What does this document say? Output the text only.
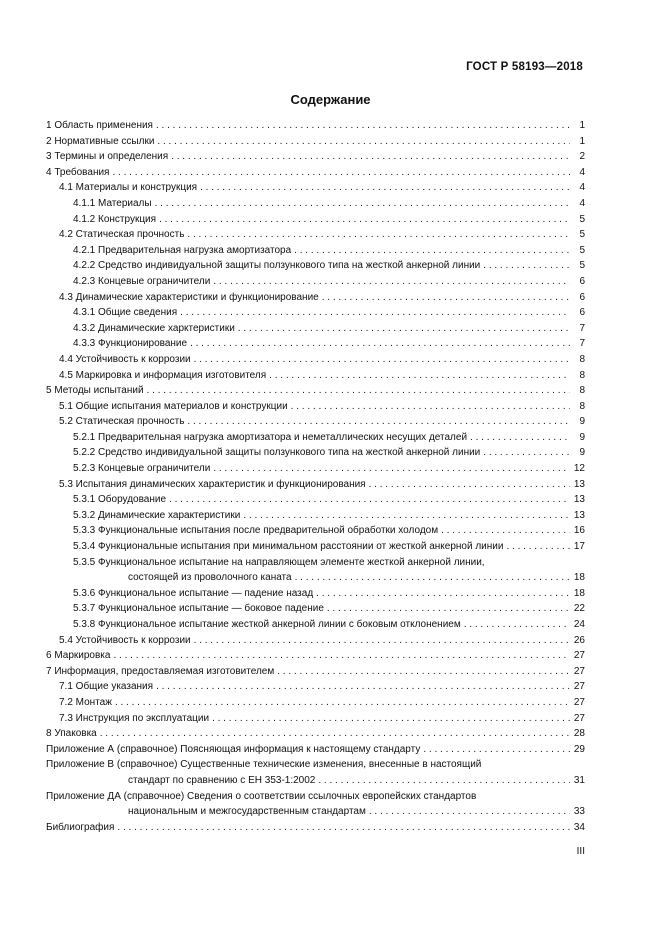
ГОСТ Р 58193—2018
Содержание
1 Область применения . . .	1
2 Нормативные ссылки . . .	1
3 Термины и определения . . .	2
4 Требования . . .	4
4.1 Материалы и конструкция . . .	4
4.1.1 Материалы . . .	4
4.1.2 Конструкция . . .	5
4.2 Статическая прочность . . .	5
4.2.1 Предварительная нагрузка амортизатора . . .	5
4.2.2 Средство индивидуальной защиты ползункового типа на жесткой анкерной линии . . .	5
4.2.3 Концевые ограничители . . .	6
4.3 Динамические характеристики и функционирование . . .	6
4.3.1 Общие сведения . . .	6
4.3.2 Динамические харктеристики . . .	7
4.3.3 Функционирование . . .	7
4.4 Устойчивость к коррозии . . .	8
4.5 Маркировка и информация изготовителя . . .	8
5 Методы испытаний . . .	8
5.1 Общие испытания материалов и конструкции . . .	8
5.2 Статическая прочность . . .	9
5.2.1 Предварительная нагрузка амортизатора и неметаллических несущих деталей . . .	9
5.2.2 Средство индивидуальной защиты ползункового типа на жесткой анкерной линии . . .	9
5.2.3 Концевые ограничители . . .	12
5.3 Испытания динамических характеристик и функционирования . . .	13
5.3.1 Оборудование . . .	13
5.3.2 Динамические характеристики . . .	13
5.3.3 Функциональные испытания после предварительной обработки холодом . . .	16
5.3.4 Функциональные испытания при минимальном расстоянии от жесткой анкерной линии . . .	17
5.3.5 Функциональное испытание на направляющем элементе жесткой анкерной линии,
состоящей из проволочного каната . . .	18
5.3.6 Функциональное испытание — падение назад . . .	18
5.3.7 Функциональное испытание — боковое падение . . .	22
5.3.8 Функциональное испытание жесткой анкерной линии с боковым отклонением . . .	24
5.4 Устойчивость к коррозии . . .	26
6 Маркировка . . .	27
7 Информация, предоставляемая изготовителем . . .	27
7.1 Общие указания . . .	27
7.2 Монтаж . . .	27
7.3 Инструкция по эксплуатации . . .	27
8 Упаковка . . .	28
Приложение А (справочное) Поясняющая информация к настоящему стандарту . . .	29
Приложение В (справочное) Существенные технические изменения, внесенные в настоящий
стандарт по сравнению с ЕН 353-1:2002 . . .	31
Приложение ДА (справочное) Сведения о соответствии ссылочных европейских стандартов
национальным и межгосударственным стандартам . . .	33
Библиография . . .	34
III
